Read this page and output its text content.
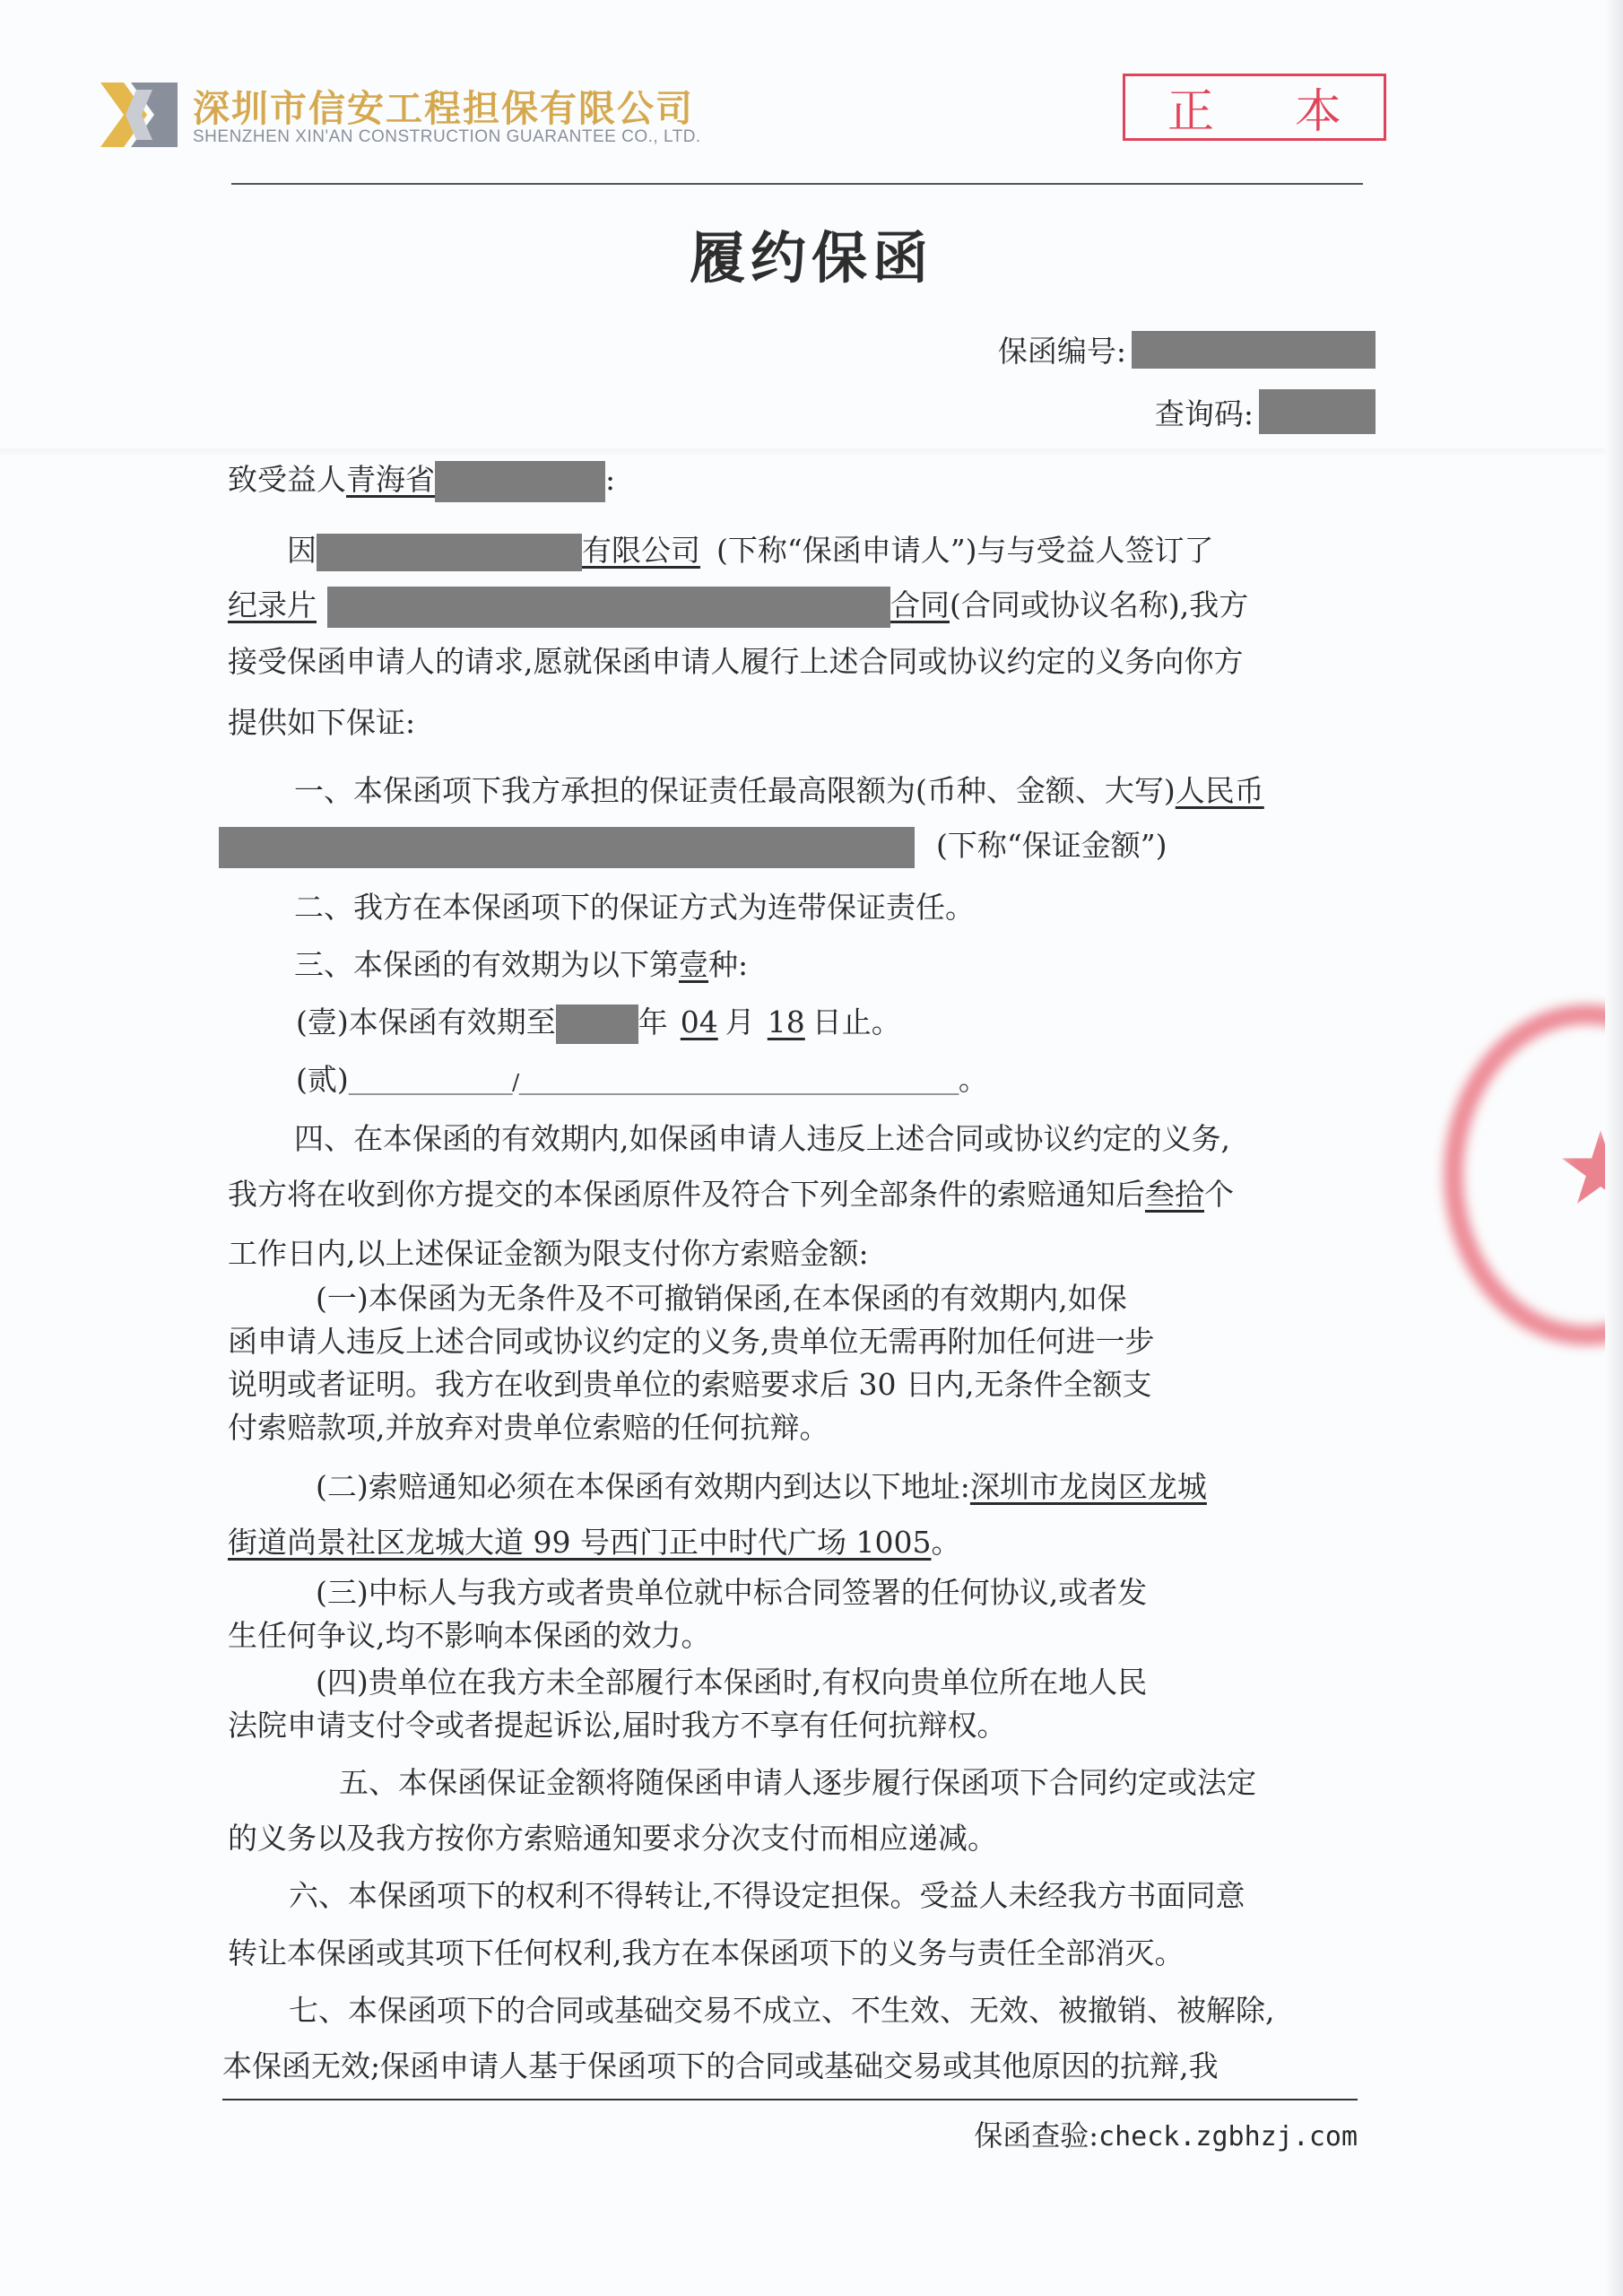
深圳市信安工程担保有限公司
SHENZHEN XIN'AN CONSTRUCTION GUARANTEE CO., LTD.	正本
履约保函
保函编号:
查询码:
致受益人青海省	:
因	有限公司 (下称“保函申请人”)与与受益人签订了
纪录片	合同(合同或协议名称),我方
接受保函申请人的请求,愿就保函申请人履行上述合同或协议约定的义务向你方
提供如下保证:
一、本保函项下我方承担的保证责任最高限额为(币种、金额、大写)人民币
(下称“保证金额”)
二、我方在本保函项下的保证方式为连带保证责任。
三、本保函的有效期为以下第壹种:
(壹)本保函有效期至	年 04 月 18 日止。
(贰)________________/___________________________________________。
四、在本保函的有效期内,如保函申请人违反上述合同或协议约定的义务,
我方将在收到你方提交的本保函原件及符合下列全部条件的索赔通知后叁拾个
工作日内,以上述保证金额为限支付你方索赔金额:
(一)本保函为无条件及不可撤销保函,在本保函的有效期内,如保
函申请人违反上述合同或协议约定的义务,贵单位无需再附加任何进一步
说明或者证明。我方在收到贵单位的索赔要求后 30 日内,无条件全额支
付索赔款项,并放弃对贵单位索赔的任何抗辩。
(二)索赔通知必须在本保函有效期内到达以下地址:深圳市龙岗区龙城
街道尚景社区龙城大道 99 号西门正中时代广场 1005。
(三)中标人与我方或者贵单位就中标合同签署的任何协议,或者发
生任何争议,均不影响本保函的效力。
(四)贵单位在我方未全部履行本保函时,有权向贵单位所在地人民
法院申请支付令或者提起诉讼,届时我方不享有任何抗辩权。
五、本保函保证金额将随保函申请人逐步履行保函项下合同约定或法定
的义务以及我方按你方索赔通知要求分次支付而相应递减。
六、本保函项下的权利不得转让,不得设定担保。受益人未经我方书面同意
转让本保函或其项下任何权利,我方在本保函项下的义务与责任全部消灭。
七、本保函项下的合同或基础交易不成立、不生效、无效、被撤销、被解除,
本保函无效;保函申请人基于保函项下的合同或基础交易或其他原因的抗辩,我
保函查验:check.zgbhzj.com
